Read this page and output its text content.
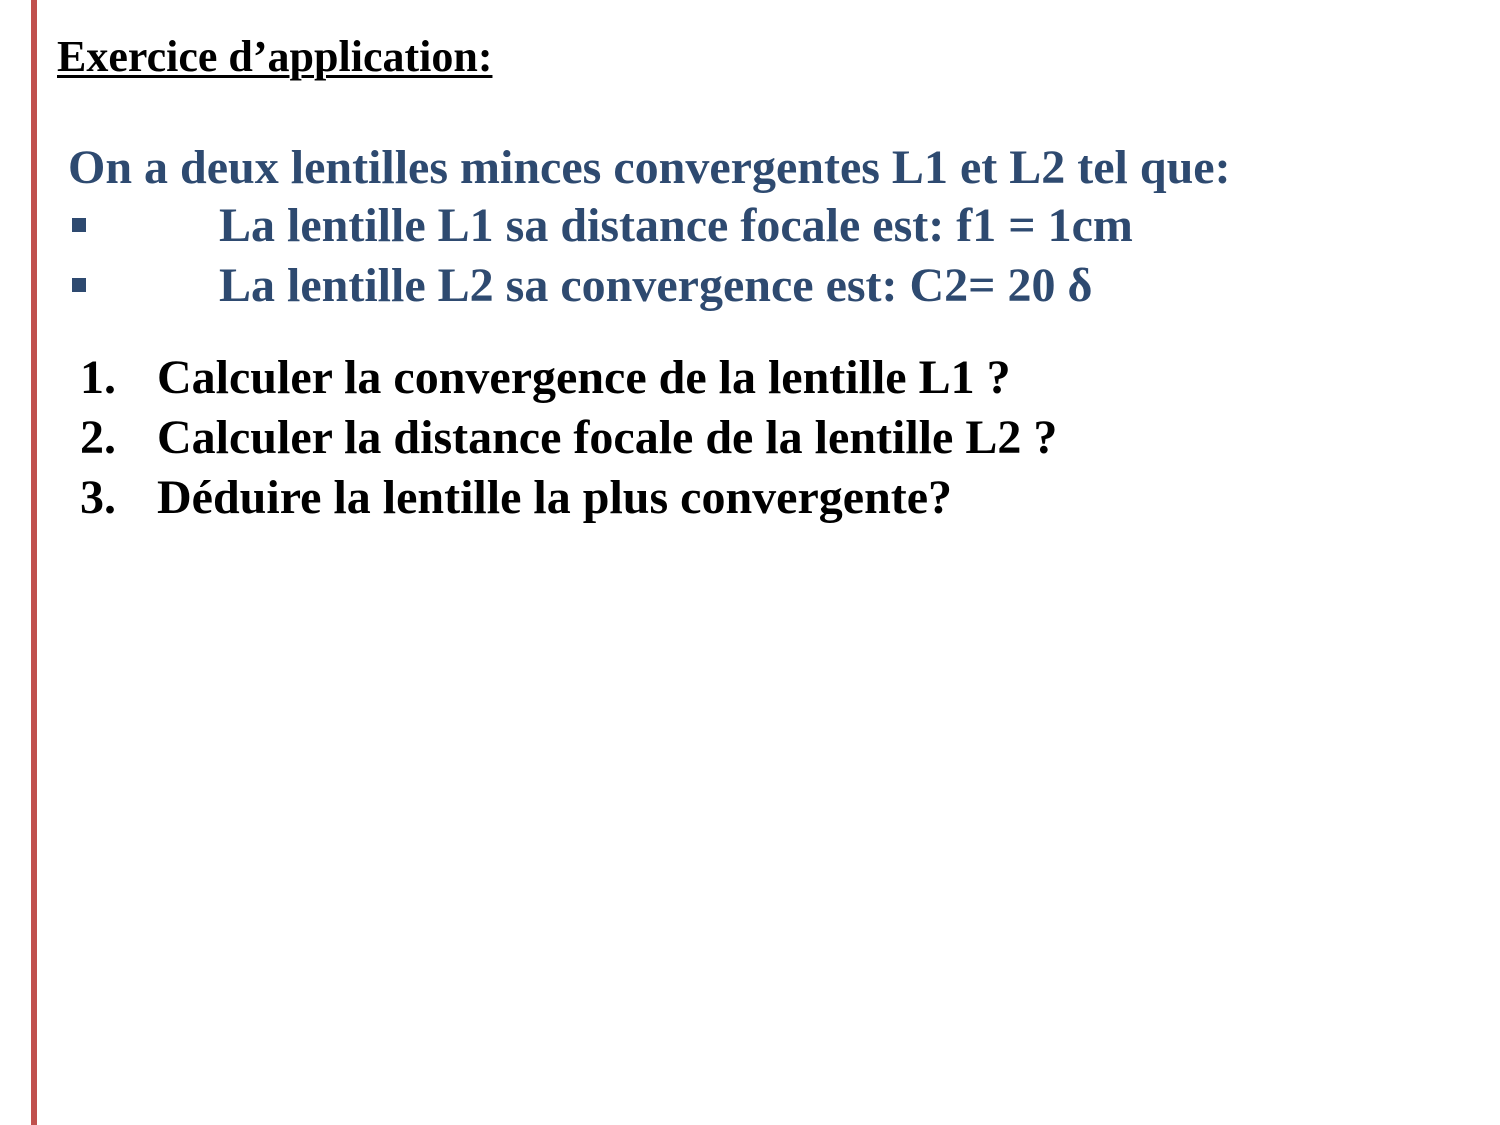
Exercice d’application:
On a deux lentilles minces convergentes L1 et L2 tel que:
La lentille L1 sa distance focale est: f1 = 1cm
La lentille L2 sa convergence est: C2= 20 δ
1. Calculer la convergence de la lentille L1 ?
2. Calculer la distance focale de la lentille L2 ?
3. Déduire la lentille la plus convergente?
